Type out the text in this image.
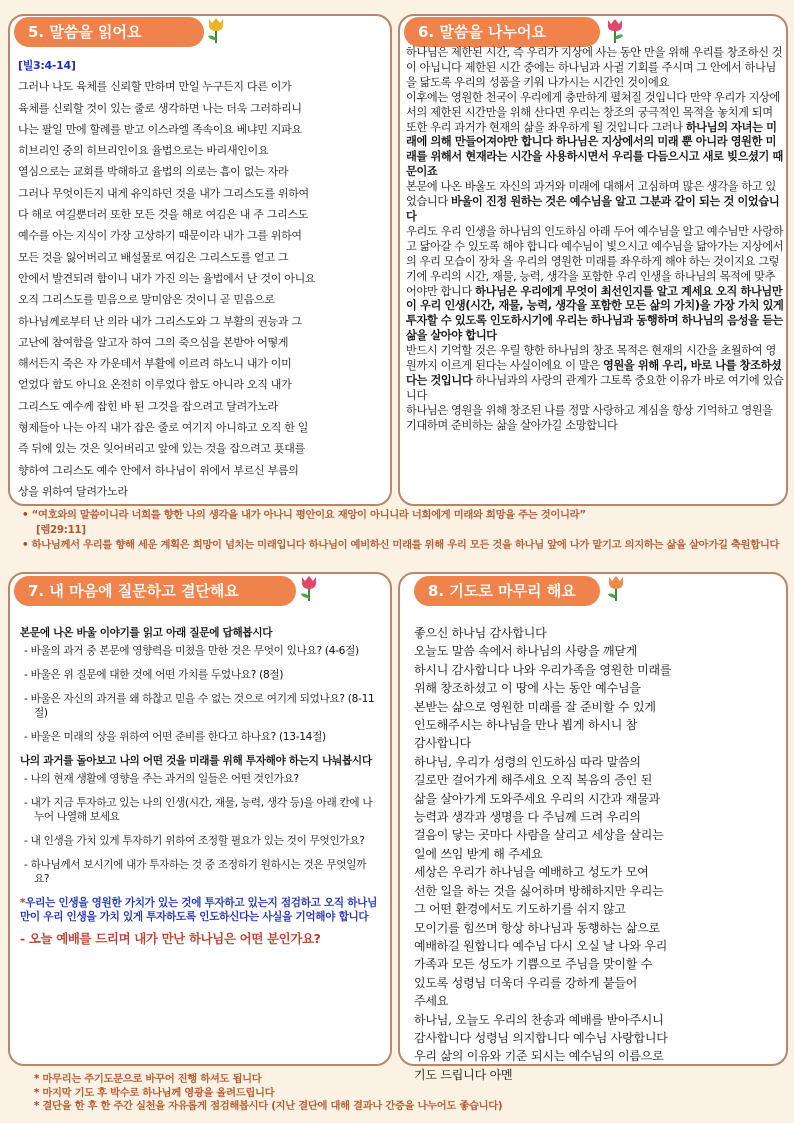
5. 말씀을 읽어요

[빌3:4-14]

그러나 나도 육체를 신뢰할 만하며 만일 누구든지 다른 이가

육체를 신뢰할 것이 있는 줄로 생각하면 나는 더욱 그러하리니

나는 팔일 만에 할례를 받고 이스라엘 족속이요 베냐민 지파요

히브리인 중의 히브리인이요 율법으로는 바리새인이요

열심으로는 교회를 박해하고 율법의 의로는 흠이 없는 자라

그러나 무엇이든지 내게 유익하던 것을 내가 그리스도를 위하여

다 해로 여길뿐더러 또한 모든 것을 해로 여김은 내 주 그리스도

예수를 아는 지식이 가장 고상하기 때문이라 내가 그를 위하여

모든 것을 잃어버리고 배설물로 여김은 그리스도를 얻고 그

안에서 발견되려 함이니 내가 가진 의는 율법에서 난 것이 아니요

오직 그리스도를 믿음으로 말미암은 것이니 곧 믿음으로

하나님께로부터 난 의라 내가 그리스도와 그 부활의 권능과 그

고난에 참여함을 알고자 하여 그의 죽으심을 본받아 어떻게

해서든지 죽은 자 가운데서 부활에 이르려 하노니 내가 이미

얻었다 함도 아니요 온전히 이루었다 함도 아니라 오직 내가

그리스도 예수께 잡힌 바 된 그것을 잡으려고 달려가노라

형제들아 나는 아직 내가 잡은 줄로 여기지 아니하고 오직 한 일

즉 뒤에 있는 것은 잊어버리고 앞에 있는 것을 잡으려고 푯대를

향하여 그리스도 예수 안에서 하나님이 위에서 부르신 부름의

상을 위하여 달려가노라

6. 말씀을 나누어요

하나님은 제한된 시간, 즉 우리가 지상에 사는 동안 만을 위해 우리를 창조하신 것이 아닙니다 제한된 시간 중에는 하나님과 사귈 기회를 주시며 그 안에서 하나님을 닮도록 우리의 성품을 키워 나가시는 시간인 것이에요

이후에는 영원한 천국이 우리에게 충만하게 펼쳐질 것입니다 만약 우리가 지상에서의 제한된 시간만을 위해 산다면 우리는 창조의 궁극적인 목적을 놓치게 되며 또한 우리 과거가 현재의 삶을 좌우하게 될 것입니다 그러나 하나님의 자녀는 미래에 의해 만들어져야만 합니다 하나님은 지상에서의 미래 뿐 아니라 영원한 미래를 위해서 현재라는 시간을 사용하시면서 우리를 다듬으시고 새로 빚으셨기 때문이죠

본문에 나온 바울도 자신의 과거와 미래에 대해서 고심하며 많은 생각을 하고 있었습니다 바울이 진정 원하는 것은 예수님을 알고 그분과 같이 되는 것 이었습니다

우리도 우리 인생을 하나님의 인도하심 아래 두어 예수님을 알고 예수님만 사랑하고 닮아갈 수 있도록 해야 합니다 예수님이 빛으시고 예수님을 닮아가는 지상에서의 우리 모습이 장차 올 우리의 영원한 미래를 좌우하게 해야 하는 것이지요 그렇기에 우리의 시간, 재물, 능력, 생각을 포함한 우리 인생을 하나님의 목적에 맞추어야만 합니다 하나님은 우리에게 무엇이 최선인지를 알고 계세요 오직 하나님만이 우리 인생(시간, 재물, 능력, 생각을 포함한 모든 삶의 가치)을 가장 가치 있게 투자할 수 있도록 인도하시기에 우리는 하나님과 동행하며 하나님의 음성을 듣는 삶을 살아야 합니다

반드시 기억할 것은 우릴 향한 하나님의 창조 목적은 현재의 시간을 초월하여 영원까지 이르게 된다는 사실이에요 이 말은 영원을 위해 우리, 바로 나를 창조하셨다는 것입니다 하나님과의 사랑의 관계가 그토록 중요한 이유가 바로 여기에 있습니다

하나님은 영원을 위해 창조된 나를 정말 사랑하고 계심을 항상 기억하고 영원을 기대하며 준비하는 삶을 살아가길 소망합니다

• “여호와의 말씀이니라 너희를 향한 나의 생각을 내가 아나니 평안이요 재앙이 아니니라 너희에게 미래와 희망을 주는 것이니라”
[렘29:11]
• 하나님께서 우리를 향해 세운 계획은 희망이 넘치는 미래입니다 하나님이 예비하신 미래를 위해 우리 모든 것을 하나님 앞에 나가 맡기고 의지하는 삶을 살아가길 축원합니다
7. 내 마음에 질문하고 결단해요

본문에 나온 바울 이야기를 읽고 아래 질문에 답해봅시다

- 바울의 과거 중 본문에 영향력을 미쳤을 만한 것은 무엇이 있나요? (4-6절)

- 바울은 위 질문에 대한 것에 어떤 가치를 두었나요? (8절)

- 바울은 자신의 과거를 왜 하찮고 믿을 수 없는 것으로 여기게 되었나요? (8-11절)

- 바울은 미래의 상을 위하여 어떤 준비를 한다고 하나요? (13-14절)

나의 과거를 돌아보고 나의 어떤 것을 미래를 위해 투자해야 하는지 나눠봅시다

- 나의 현재 생활에 영향을 주는 과거의 일들은 어떤 것인가요?

- 내가 지금 투자하고 있는 나의 인생(시간, 재물, 능력, 생각 등)을 아래 칸에 나누어 나열해 보세요

- 내 인생을 가치 있게 투자하기 위하여 조정할 필요가 있는 것이 무엇인가요?

- 하나님께서 보시기에 내가 투자하는 것 중 조정하기 원하시는 것은 무엇일까요?

*우리는 인생을 영원한 가치가 있는 것에 투자하고 있는지 점검하고 오직 하나님만이 우리 인생을 가치 있게 투자하도록 인도하신다는 사실을 기억해야 합니다

- 오늘 예배를 드리며 내가 만난 하나님은 어떤 분인가요?

8. 기도로 마무리 해요

좋으신 하나님 감사합니다

오늘도 말씀 속에서 하나님의 사랑을 깨닫게

하시니 감사합니다 나와 우리가족을 영원한 미래를

위해 창조하셨고 이 땅에 사는 동안 예수님을

본받는 삶으로 영원한 미래를 잘 준비할 수 있게

인도해주시는 하나님을 만나 뵙게 하시니 참

감사합니다

하나님, 우리가 성령의 인도하심 따라 말씀의

길로만 걸어가게 해주세요 오직 복음의 증인 된

삶을 살아가게 도와주세요 우리의 시간과 재물과

능력과 생각과 생명을 다 주님께 드려 우리의

걸음이 닿는 곳마다 사람을 살리고 세상을 살리는

일에 쓰임 받게 해 주세요

세상은 우리가 하나님을 예배하고 성도가 모여

선한 일을 하는 것을 싫어하며 방해하지만 우리는

그 어떤 환경에서도 기도하기를 쉬지 않고

모이기를 힘쓰며 항상 하나님과 동행하는 삶으로

예배하길 원합니다 예수님 다시 오실 날 나와 우리

가족과 모든 성도가 기쁨으로 주님을 맞이할 수

있도록 성령님 더욱더 우리를 강하게 붙들어

주세요

하나님, 오늘도 우리의 찬송과 예배를 받아주시니

감사합니다 성령님 의지합니다 예수님 사랑합니다

우리 삶의 이유와 기준 되시는 예수님의 이름으로

기도 드립니다 아멘

* 마무리는 주기도문으로 바꾸어 진행 하셔도 됩니다
* 마지막 기도 후 박수로 하나님께 영광을 올려드립니다
* 결단을 한 후 한 주간 실천을 자유롭게 점검해봅시다 (지난 결단에 대해 결과나 간증을 나누어도 좋습니다)
